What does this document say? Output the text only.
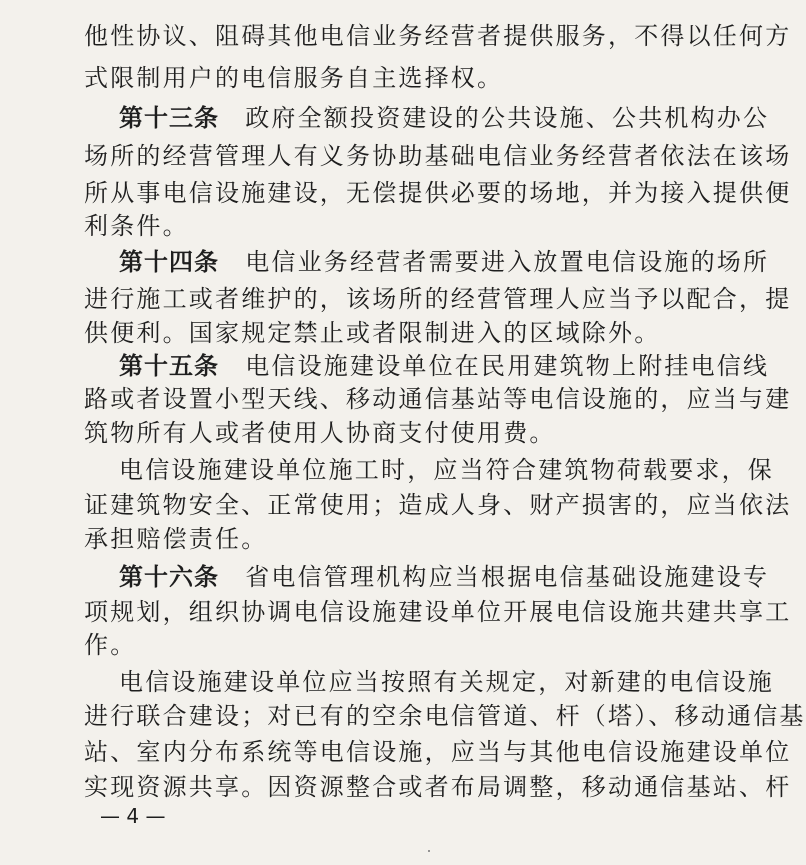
他性协议、阻碍其他电信业务经营者提供服务，不得以任何方
式限制用户的电信服务自主选择权。
第十三条　政府全额投资建设的公共设施、公共机构办公
场所的经营管理人有义务协助基础电信业务经营者依法在该场
所从事电信设施建设，无偿提供必要的场地，并为接入提供便
利条件。
第十四条　电信业务经营者需要进入放置电信设施的场所
进行施工或者维护的，该场所的经营管理人应当予以配合，提
供便利。国家规定禁止或者限制进入的区域除外。
第十五条　电信设施建设单位在民用建筑物上附挂电信线
路或者设置小型天线、移动通信基站等电信设施的，应当与建
筑物所有人或者使用人协商支付使用费。
电信设施建设单位施工时，应当符合建筑物荷载要求，保
证建筑物安全、正常使用；造成人身、财产损害的，应当依法
承担赔偿责任。
第十六条　省电信管理机构应当根据电信基础设施建设专
项规划，组织协调电信设施建设单位开展电信设施共建共享工
作。
电信设施建设单位应当按照有关规定，对新建的电信设施
进行联合建设；对已有的空余电信管道、杆（塔）、移动通信基
站、室内分布系统等电信设施，应当与其他电信设施建设单位
实现资源共享。因资源整合或者布局调整，移动通信基站、杆
— 4 —
